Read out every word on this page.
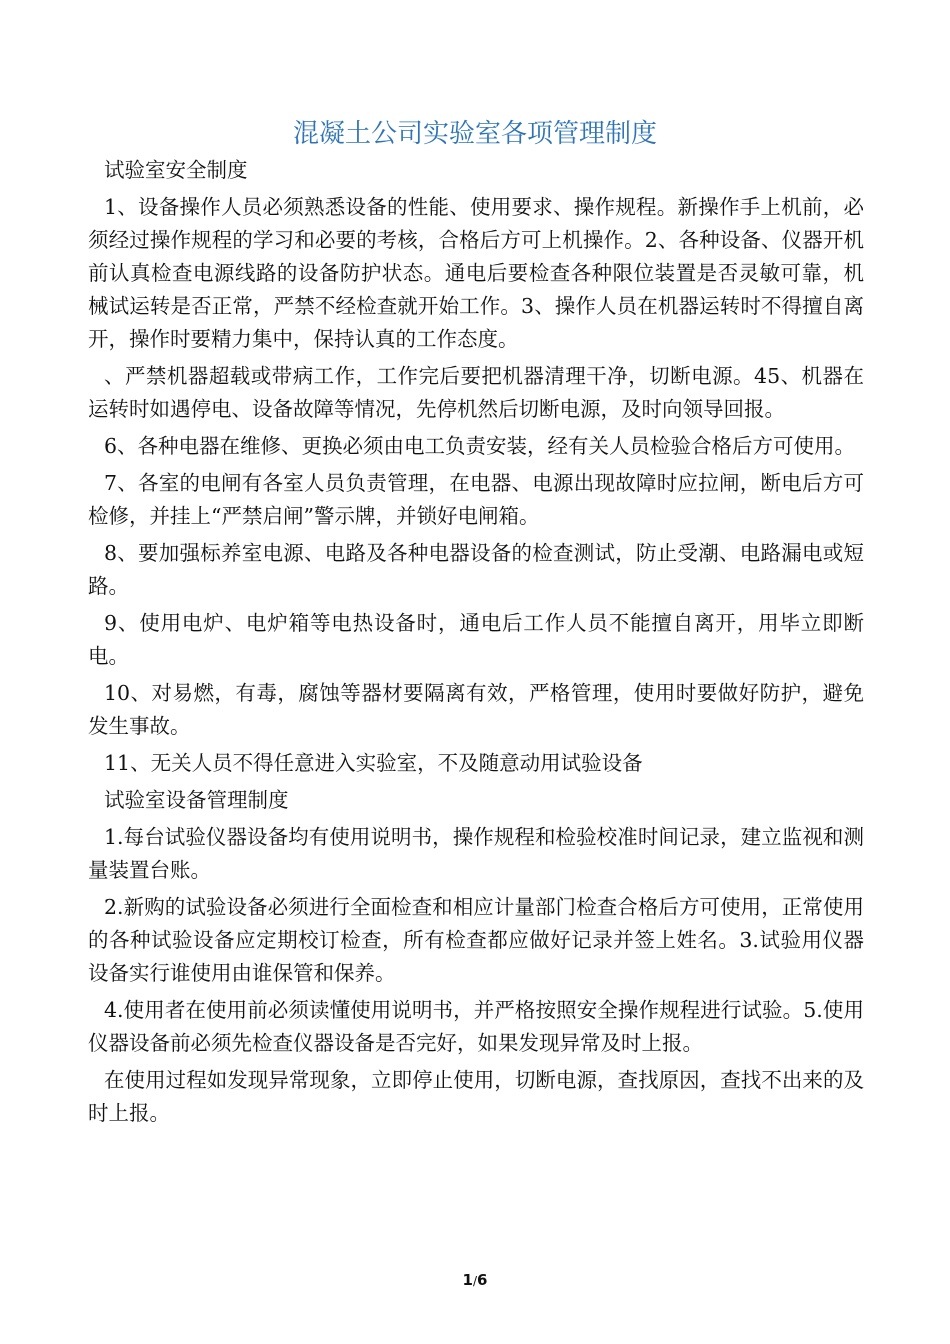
混凝土公司实验室各项管理制度

试验室安全制度

1、设备操作人员必须熟悉设备的性能、使用要求、操作规程。新操作手上机前，必须经过操作规程的学习和必要的考核，合格后方可上机操作。2、各种设备、仪器开机前认真检查电源线路的设备防护状态。通电后要检查各种限位装置是否灵敏可靠，机械试运转是否正常，严禁不经检查就开始工作。3、操作人员在机器运转时不得擅自离开，操作时要精力集中，保持认真的工作态度。

、严禁机器超载或带病工作，工作完后要把机器清理干净，切断电源。45、机器在运转时如遇停电、设备故障等情况，先停机然后切断电源，及时向领导回报。

6、各种电器在维修、更换必须由电工负责安装，经有关人员检验合格后方可使用。

7、各室的电闸有各室人员负责管理，在电器、电源出现故障时应拉闸，断电后方可检修，并挂上“严禁启闸”警示牌，并锁好电闸箱。

8、要加强标养室电源、电路及各种电器设备的检查测试，防止受潮、电路漏电或短路。

9、使用电炉、电炉箱等电热设备时，通电后工作人员不能擅自离开，用毕立即断电。

10、对易燃，有毒，腐蚀等器材要隔离有效，严格管理，使用时要做好防护，避免发生事故。

11、无关人员不得任意进入实验室，不及随意动用试验设备

试验室设备管理制度

1.每台试验仪器设备均有使用说明书，操作规程和检验校准时间记录，建立监视和测量装置台账。

2.新购的试验设备必须进行全面检查和相应计量部门检查合格后方可使用，正常使用的各种试验设备应定期校订检查，所有检查都应做好记录并签上姓名。3.试验用仪器设备实行谁使用由谁保管和保养。

4.使用者在使用前必须读懂使用说明书，并严格按照安全操作规程进行试验。5.使用仪器设备前必须先检查仪器设备是否完好，如果发现异常及时上报。

在使用过程如发现异常现象，立即停止使用，切断电源，查找原因，查找不出来的及时上报。

1/6
